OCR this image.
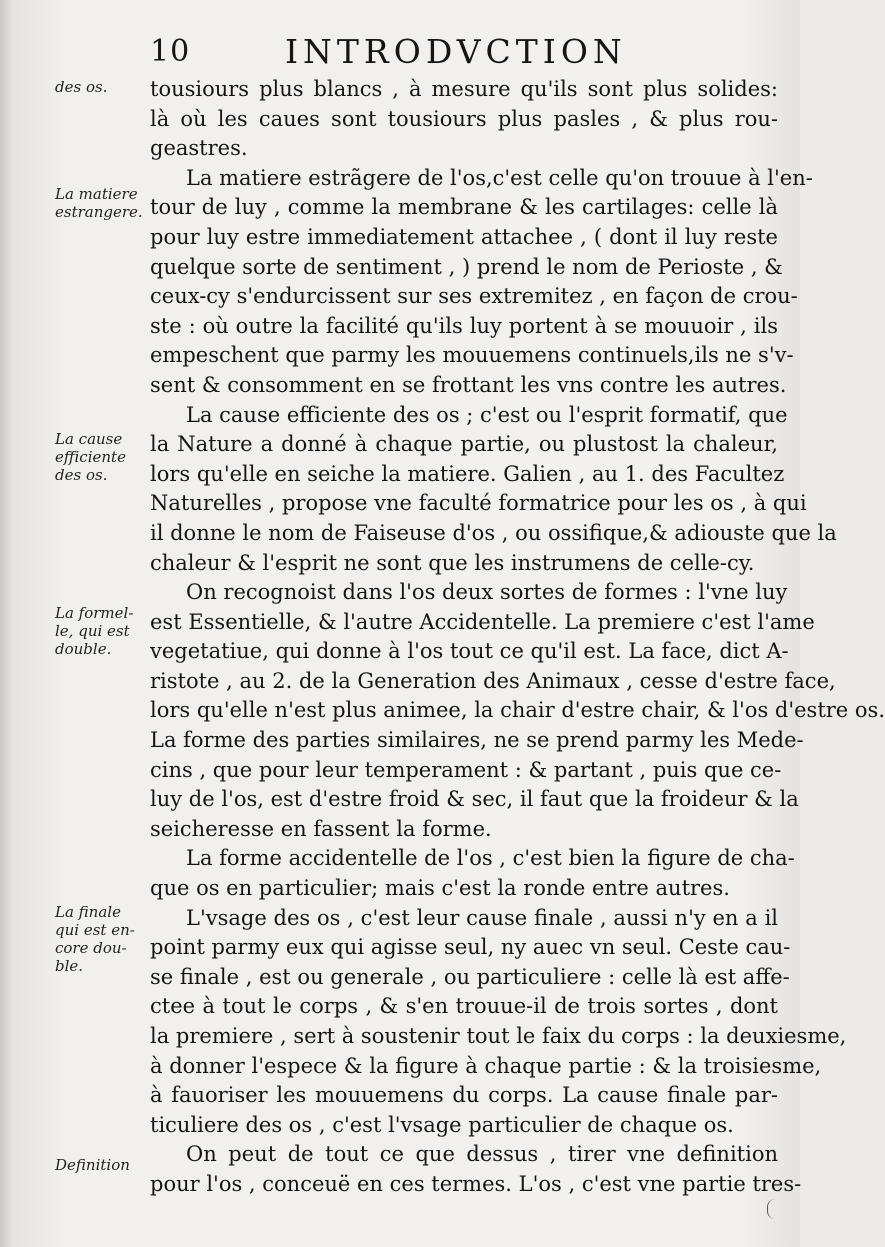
10	INTRODVCTION
des os.
La matiere
estrangere.
La cause
efficiente
des os.
La formel-
le, qui est
double.
La finale
qui est en-
core dou-
ble.
Definition
tousiours plus blancs , à mesure qu'ils sont plus solides:
là où les caues sont tousiours plus pasles , & plus rou-
geastres.
La matiere estrãgere de l'os,c'est celle qu'on trouue à l'en-
tour de luy , comme la membrane & les cartilages: celle là
pour luy estre immediatement attachee , ( dont il luy reste
quelque sorte de sentiment , ) prend le nom de Perioste , &
ceux-cy s'endurcissent sur ses extremitez , en façon de crou-
ste : où outre la facilité qu'ils luy portent à se mouuoir , ils
empeschent que parmy les mouuemens continuels,ils ne s'v-
sent & consomment en se frottant les vns contre les autres.
La cause efficiente des os ; c'est ou l'esprit formatif, que
la Nature a donné à chaque partie, ou plustost la chaleur,
lors qu'elle en seiche la matiere. Galien , au 1. des Facultez
Naturelles , propose vne faculté formatrice pour les os , à qui
il donne le nom de Faiseuse d'os , ou ossifique,& adiouste que la
chaleur & l'esprit ne sont que les instrumens de celle-cy.
On recognoist dans l'os deux sortes de formes : l'vne luy
est Essentielle, & l'autre Accidentelle. La premiere c'est l'ame
vegetatiue, qui donne à l'os tout ce qu'il est. La face, dict A-
ristote , au 2. de la Generation des Animaux , cesse d'estre face,
lors qu'elle n'est plus animee, la chair d'estre chair, & l'os d'estre os.
La forme des parties similaires, ne se prend parmy les Mede-
cins , que pour leur temperament : & partant , puis que ce-
luy de l'os, est d'estre froid & sec, il faut que la froideur & la
seicheresse en fassent la forme.
La forme accidentelle de l'os , c'est bien la figure de cha-
que os en particulier; mais c'est la ronde entre autres.
L'vsage des os , c'est leur cause finale , aussi n'y en a il
point parmy eux qui agisse seul, ny auec vn seul. Ceste cau-
se finale , est ou generale , ou particuliere : celle là est affe-
ctee à tout le corps , & s'en trouue-il de trois sortes , dont
la premiere , sert à soustenir tout le faix du corps : la deuxiesme,
à donner l'espece & la figure à chaque partie : & la troisiesme,
à fauoriser les mouuemens du corps. La cause finale par-
ticuliere des os , c'est l'vsage particulier de chaque os.
On peut de tout ce que dessus , tirer vne definition
pour l'os , conceuë en ces termes. L'os , c'est vne partie tres-
